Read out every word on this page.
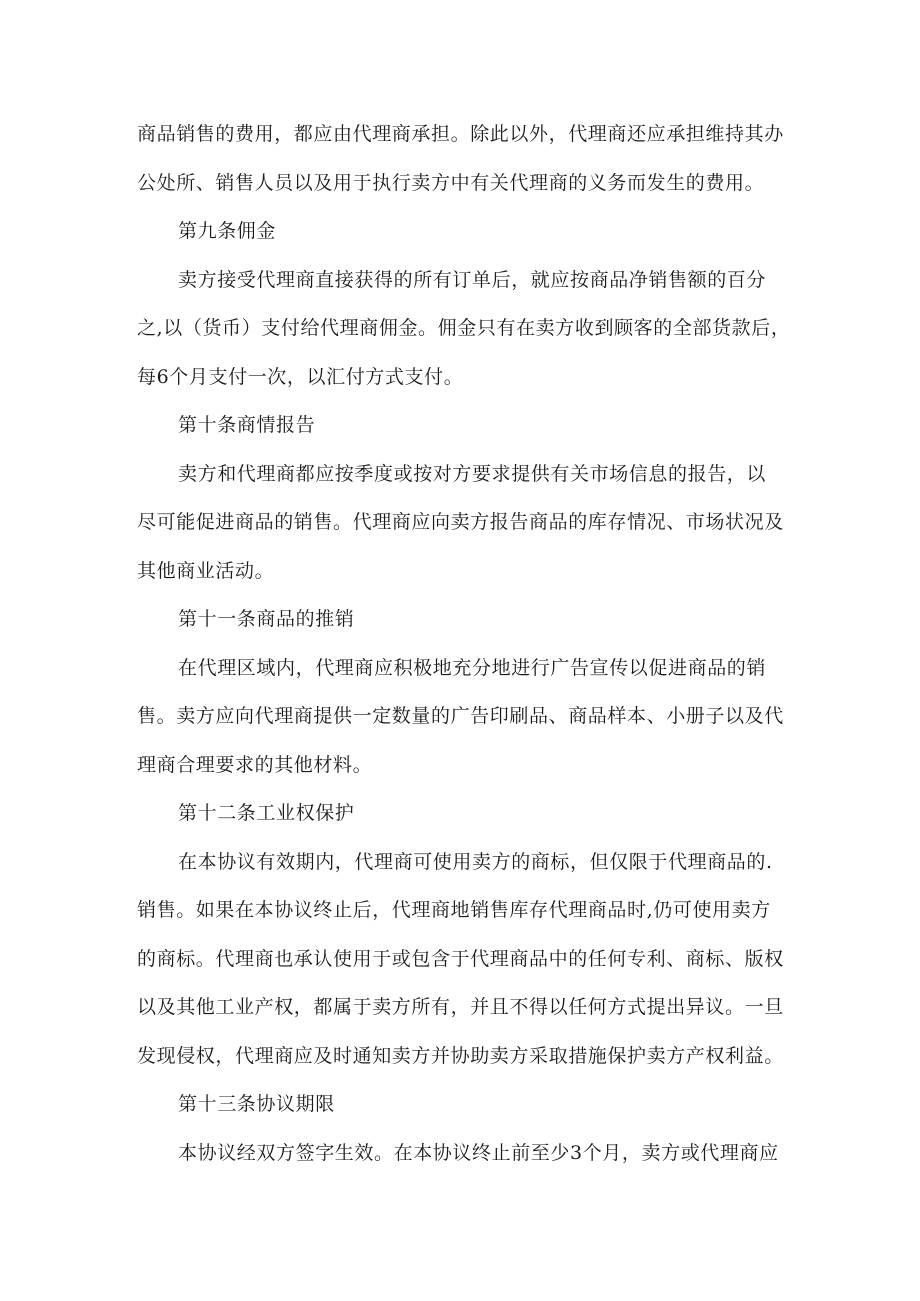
商品销售的费用，都应由代理商承担。除此以外，代理商还应承担维持其办
公处所、销售人员以及用于执行卖方中有关代理商的义务而发生的费用。
第九条佣金
卖方接受代理商直接获得的所有订单后，就应按商品净销售额的百分
之,以（货币）支付给代理商佣金。佣金只有在卖方收到顾客的全部货款后，
每6个月支付一次，以汇付方式支付。
第十条商情报告
卖方和代理商都应按季度或按对方要求提供有关市场信息的报告，以
尽可能促进商品的销售。代理商应向卖方报告商品的库存情况、市场状况及
其他商业活动。
第十一条商品的推销
在代理区域内，代理商应积极地充分地进行广告宣传以促进商品的销
售。卖方应向代理商提供一定数量的广告印刷品、商品样本、小册子以及代
理商合理要求的其他材料。
第十二条工业权保护
在本协议有效期内，代理商可使用卖方的商标，但仅限于代理商品的.
销售。如果在本协议终止后，代理商地销售库存代理商品时,仍可使用卖方
的商标。代理商也承认使用于或包含于代理商品中的任何专利、商标、版权
以及其他工业产权，都属于卖方所有，并且不得以任何方式提出异议。一旦
发现侵权，代理商应及时通知卖方并协助卖方采取措施保护卖方产权利益。
第十三条协议期限
本协议经双方签字生效。在本协议终止前至少3个月，卖方或代理商应
